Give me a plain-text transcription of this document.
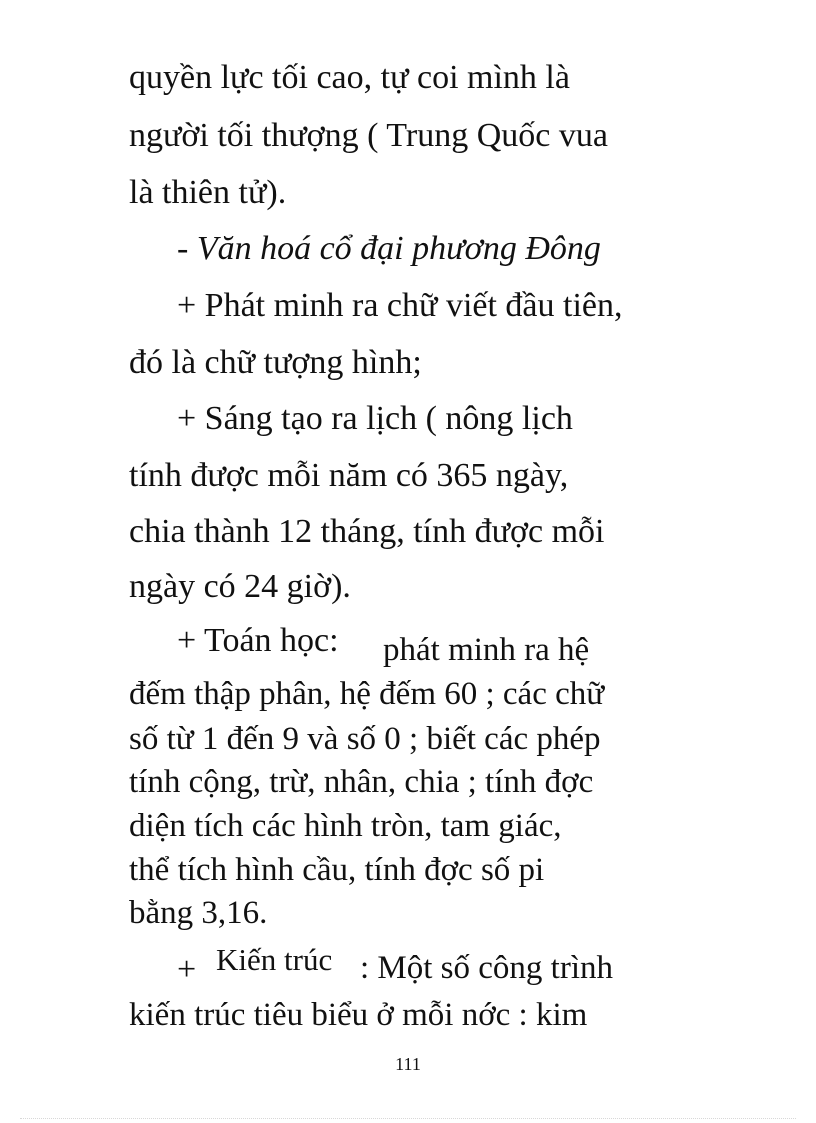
quyền lực tối cao, tự coi mình là
người tối thượng ( Trung Quốc vua
là thiên tử).
- Văn hoá cổ đại phương Đông
+ Phát minh ra chữ viết đầu tiên,
đó là chữ tượng hình;
+ Sáng tạo ra lịch ( nông lịch
tính được mỗi năm có 365 ngày,
chia thành 12 tháng, tính được mỗi
ngày có 24 giờ).
+ Toán học: phát minh ra hệ
đếm thập phân, hệ đếm 60 ; các chữ
số từ 1 đến 9 và số 0 ; biết các phép
tính cộng, trừ, nhân, chia ; tính đợc
diện tích các hình tròn, tam giác,
thể tích hình cầu, tính đợc số pi
bằng 3,16.
+ Kiến trúc : Một số công trình
kiến trúc tiêu biểu ở mỗi nớc : kim
111
